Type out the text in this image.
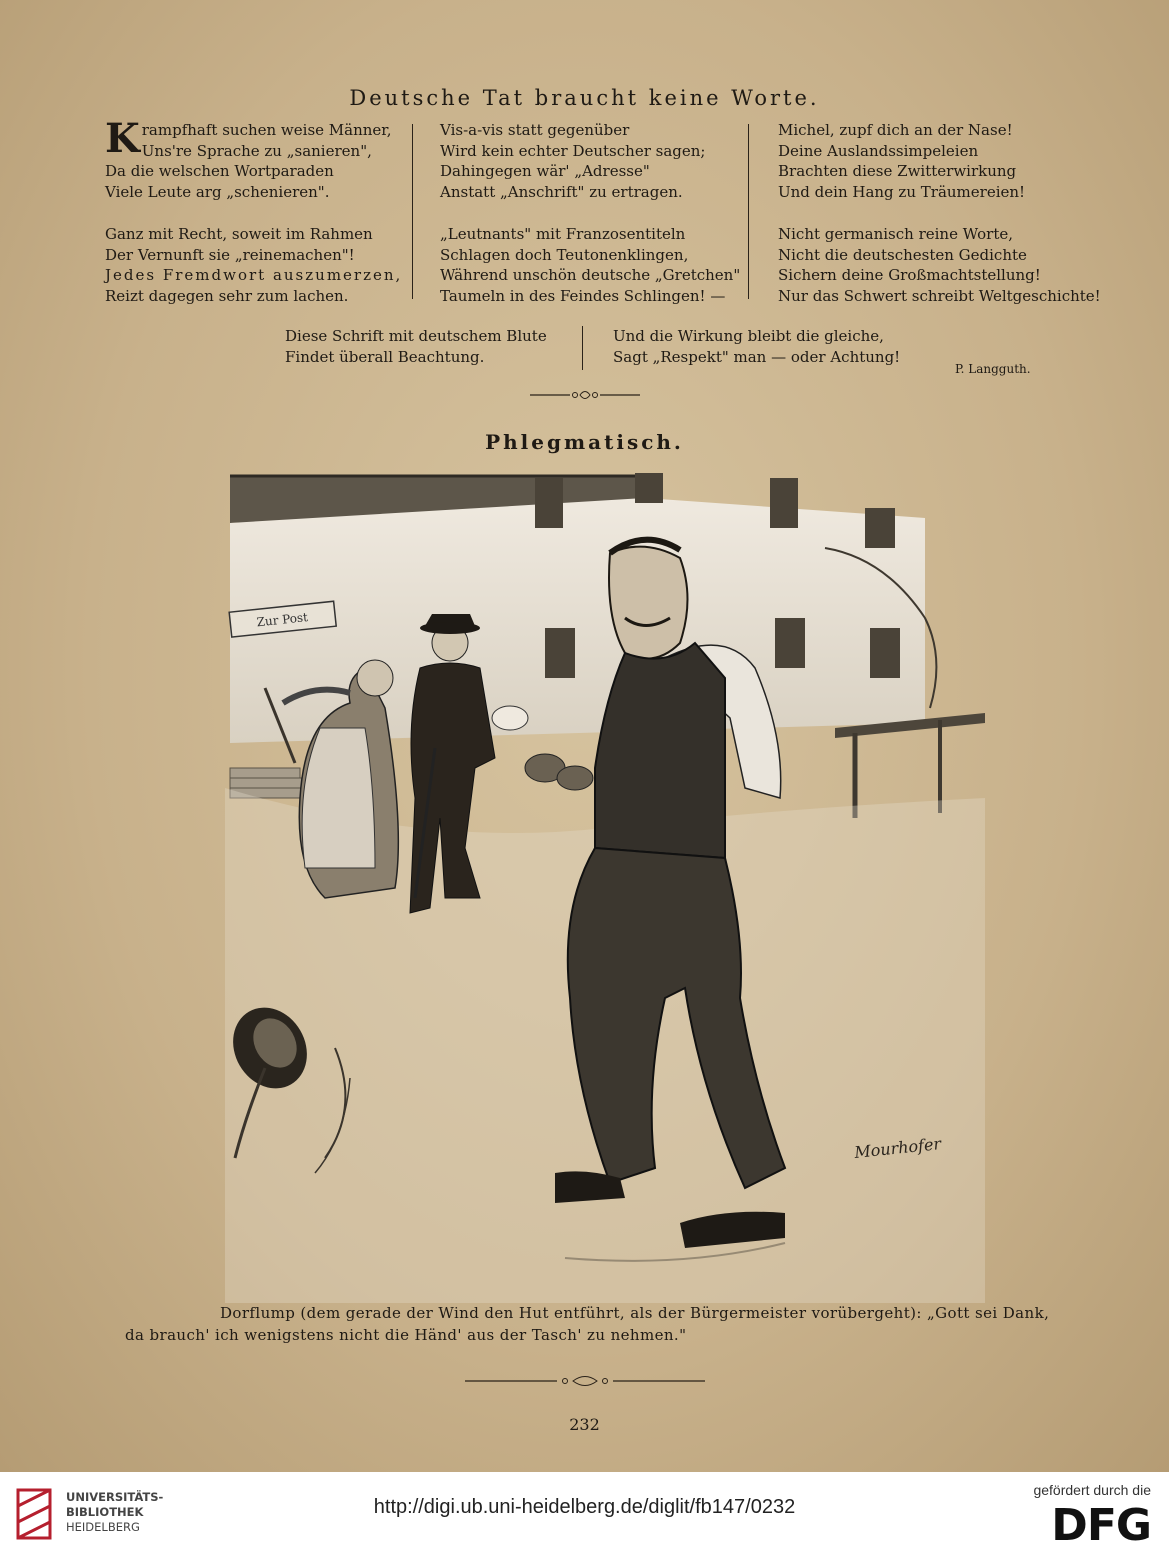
Deutsche Tat braucht keine Worte.
K rampfhaft suchen weise Männer,
Uns're Sprache zu „sanieren",
Da die welschen Wortparaden
Viele Leute arg „schenieren".
Ganz mit Recht, soweit im Rahmen
Der Vernunft sie „reinemachen"!
Jedes Fremdwort auszumerzen,
Reizt dagegen sehr zum lachen.
Vis-a-vis statt gegenüber
Wird kein echter Deutscher sagen;
Dahingegen wär' „Adresse"
Anstatt „Anschrift" zu ertragen.
„Leutnants" mit Franzosentiteln
Schlagen doch Teutonenklingen,
Während unschön deutsche „Gretchen"
Taumeln in des Feindes Schlingen! —
Michel, zupf dich an der Nase!
Deine Auslandssimpeleien
Brachten diese Zwitterwirkung
Und dein Hang zu Träumereien!
Nicht germanisch reine Worte,
Nicht die deutschesten Gedichte
Sichern deine Großmachtstellung!
Nur das Schwert schreibt Weltgeschichte!
Diese Schrift mit deutschem Blute
Findet überall Beachtung.
Und die Wirkung bleibt die gleiche,
Sagt „Respekt" man — oder Achtung!
P. Langguth.
Phlegmatisch.
Zur Post
Mourhofer
Dorflump (dem gerade der Wind den Hut entführt, als der Bürgermeister vorübergeht): „Gott sei Dank,
da brauch' ich wenigstens nicht die Händ' aus der Tasch' zu nehmen."
232
UNIVERSITÄTS-
BIBLIOTHEK
HEIDELBERG
http://digi.ub.uni-heidelberg.de/diglit/fb147/0232
gefördert durch die
DFG
